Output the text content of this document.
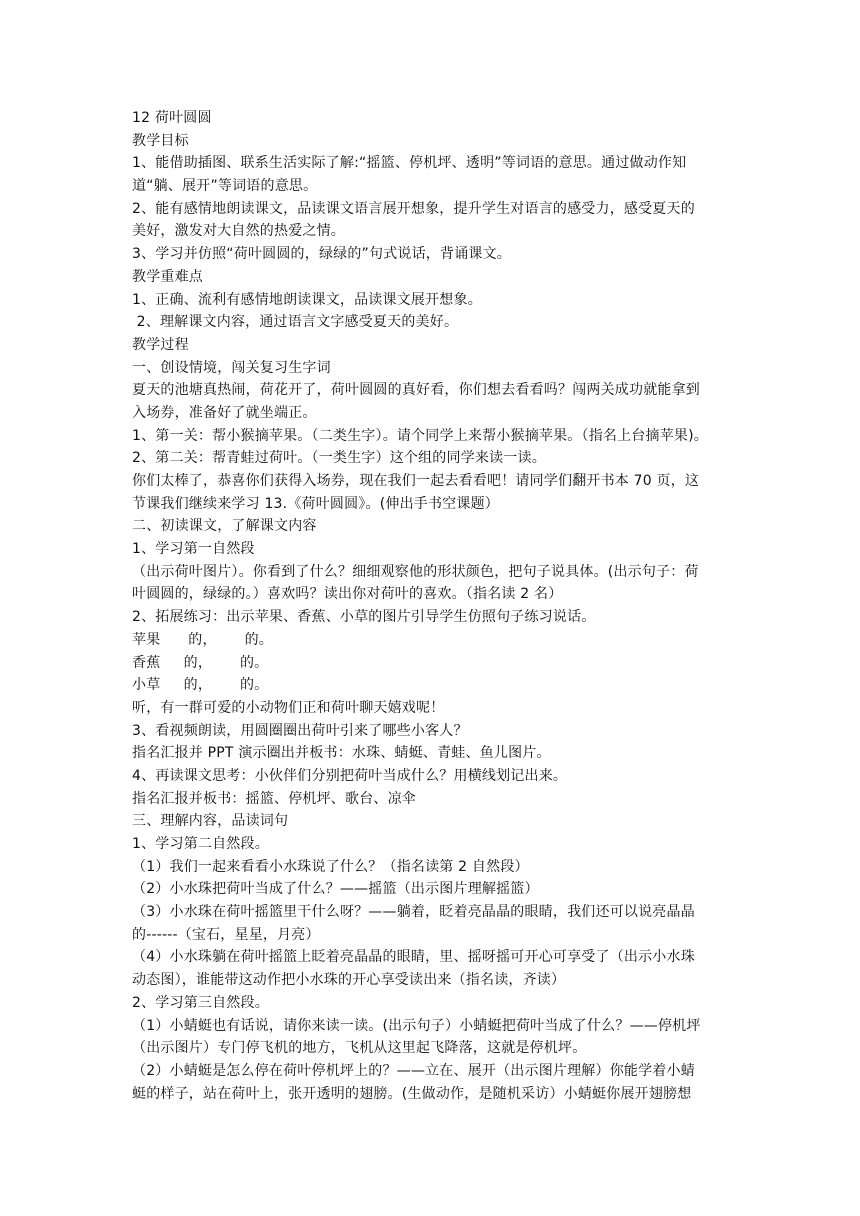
12 荷叶圆圆
教学目标
1、能借助插图、联系生活实际了解:“摇篮、停机坪、透明”等词语的意思。通过做动作知
道“躺、展开”等词语的意思。
2、能有感情地朗读课文，品读课文语言展开想象，提升学生对语言的感受力，感受夏天的
美好，激发对大自然的热爱之情。
3、学习并仿照“荷叶圆圆的，绿绿的”句式说话，背诵课文。
教学重难点
1、正确、流利有感情地朗读课文，品读课文展开想象。
2、理解课文内容，通过语言文字感受夏天的美好。
教学过程
一、创设情境，闯关复习生字词
夏天的池塘真热闹，荷花开了，荷叶圆圆的真好看，你们想去看看吗？闯两关成功就能拿到
入场券，准备好了就坐端正。
1、第一关：帮小猴摘苹果。（二类生字）。请个同学上来帮小猴摘苹果。（指名上台摘苹果)。
2、第二关：帮青蛙过荷叶。（一类生字）这个组的同学来读一读。
你们太棒了，恭喜你们获得入场券，现在我们一起去看看吧！请同学们翻开书本 70 页，这
节课我们继续来学习 13.《荷叶圆圆》。(伸出手书空课题）
二、初读课文，了解课文内容
1、学习第一自然段
（出示荷叶图片）。你看到了什么？细细观察他的形状颜色，把句子说具体。(出示句子：荷
叶圆圆的，绿绿的。）喜欢吗？读出你对荷叶的喜欢。（指名读 2 名）
2、拓展练习：出示苹果、香蕉、小草的图片引导学生仿照句子练习说话。
苹果      的，      的。
香蕉     的，      的。
小草     的，      的。
听，有一群可爱的小动物们正和荷叶聊天嬉戏呢！
3、看视频朗读，用圆圈圈出荷叶引来了哪些小客人？
指名汇报并 PPT 演示圈出并板书：水珠、蜻蜓、青蛙、鱼儿图片。
4、再读课文思考：小伙伴们分别把荷叶当成什么？用横线划记出来。
指名汇报并板书：摇篮、停机坪、歌台、凉伞
三、理解内容，品读词句
1、学习第二自然段。
（1）我们一起来看看小水珠说了什么？（指名读第 2 自然段）
（2）小水珠把荷叶当成了什么？——摇篮（出示图片理解摇篮）
（3）小水珠在荷叶摇篮里干什么呀？——躺着，眨着亮晶晶的眼睛，我们还可以说亮晶晶
的------（宝石，星星，月亮）
（4）小水珠躺在荷叶摇篮上眨着亮晶晶的眼睛，里、摇呀摇可开心可享受了（出示小水珠
动态图），谁能带这动作把小水珠的开心享受读出来（指名读，齐读）
2、学习第三自然段。
（1）小蜻蜓也有话说，请你来读一读。(出示句子）小蜻蜓把荷叶当成了什么？——停机坪
（出示图片）专门停飞机的地方，飞机从这里起飞降落，这就是停机坪。
（2）小蜻蜓是怎么停在荷叶停机坪上的？——立在、展开（出示图片理解）你能学着小蜻
蜓的样子，站在荷叶上，张开透明的翅膀。(生做动作，是随机采访）小蜻蜓你展开翅膀想
